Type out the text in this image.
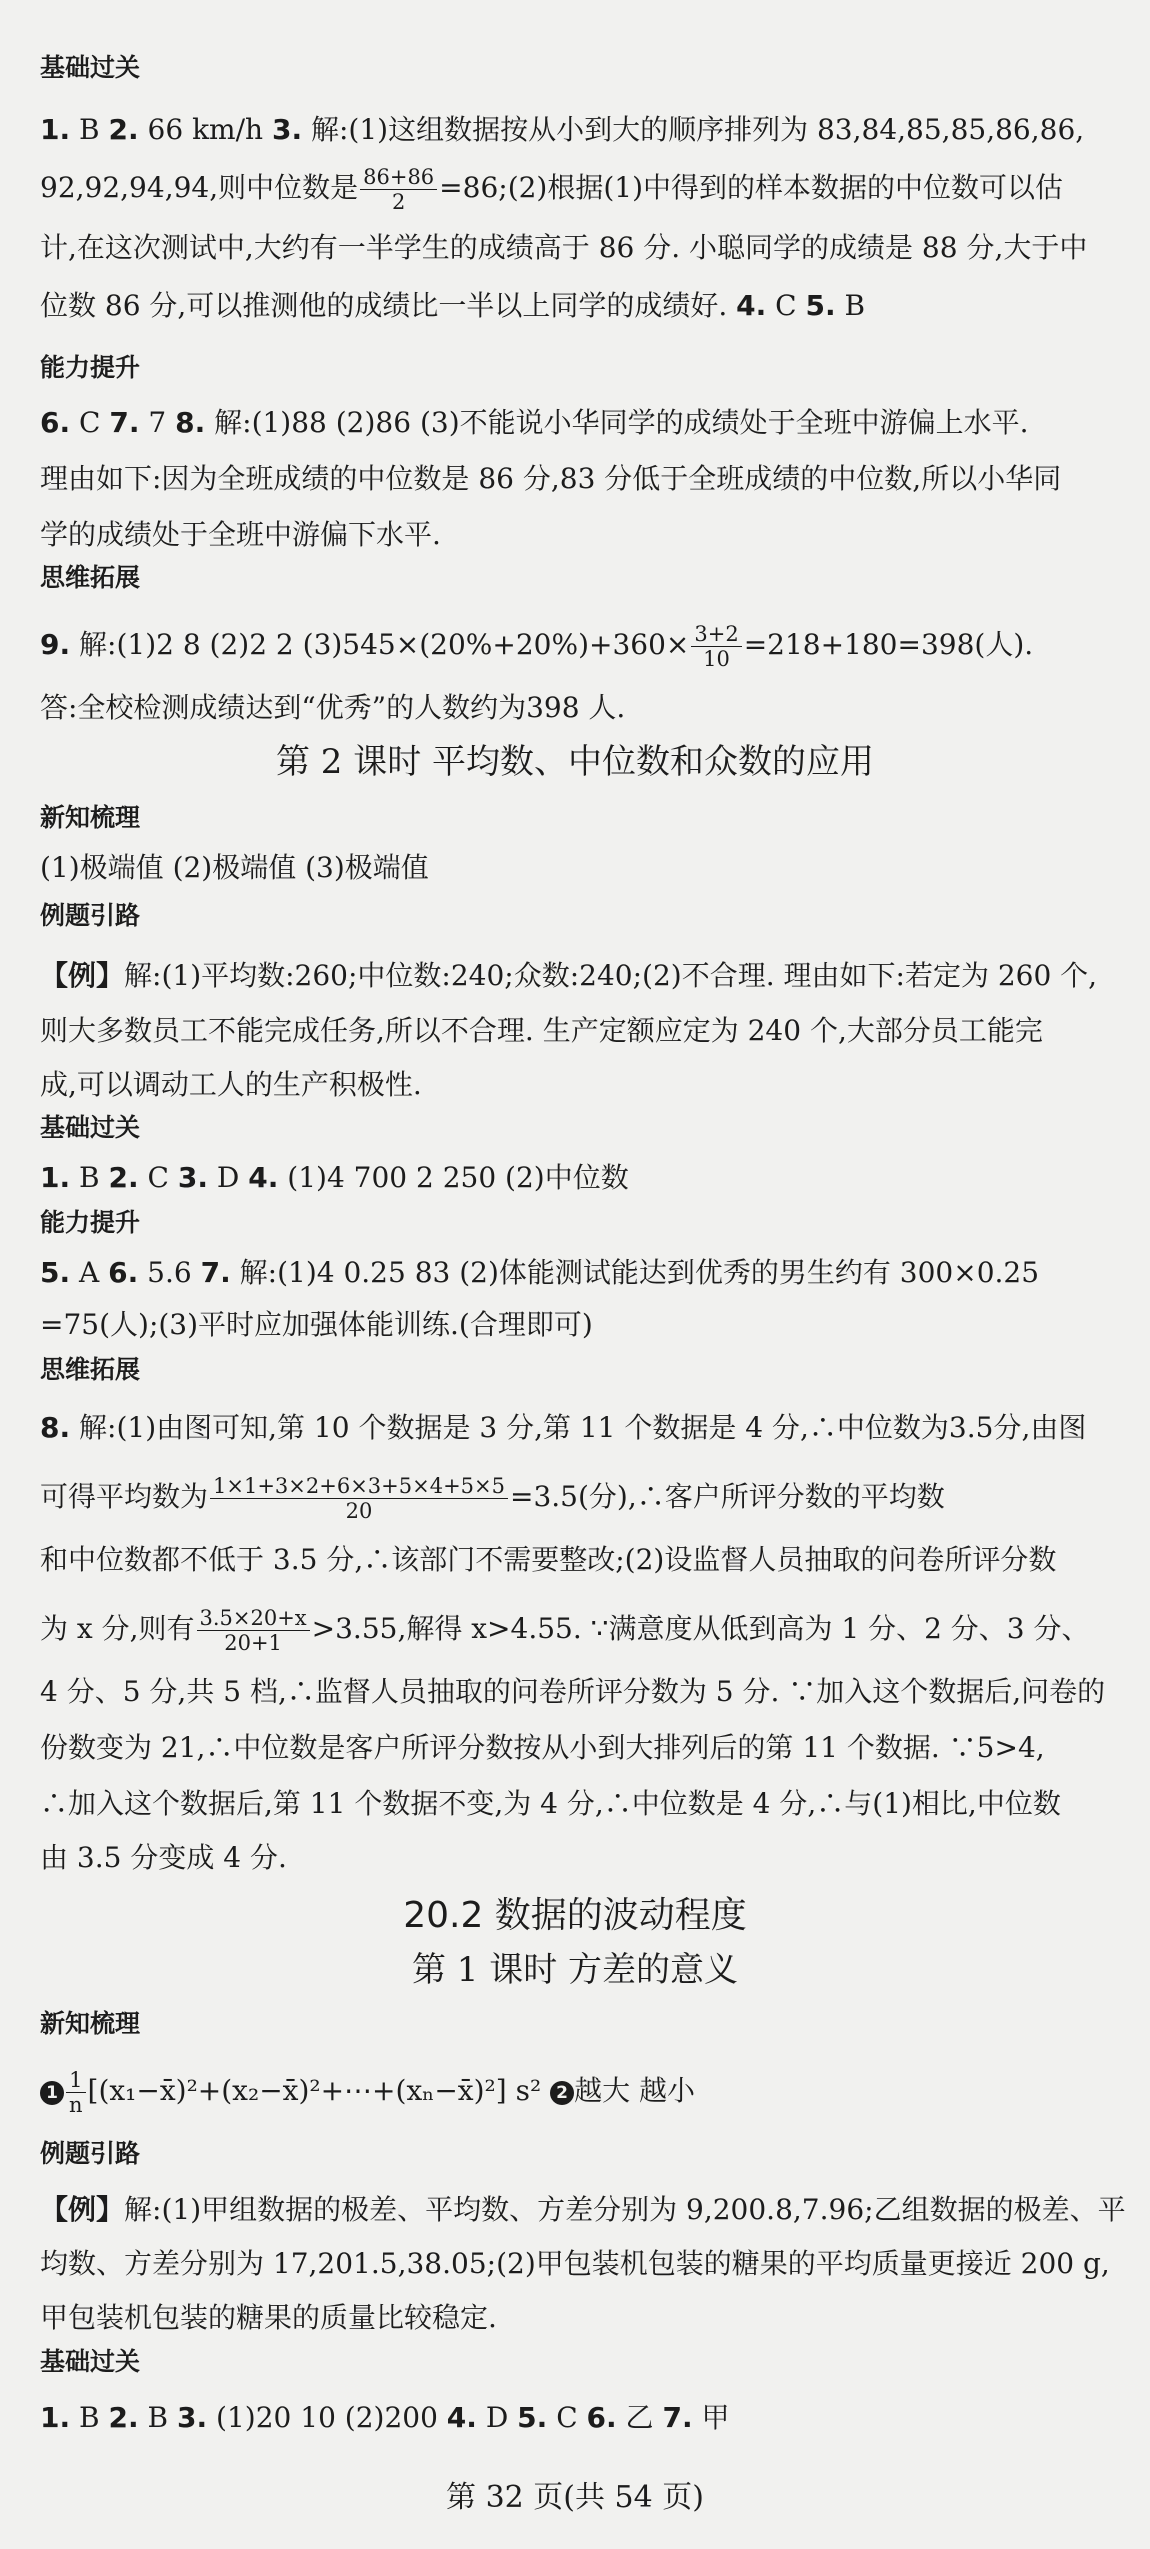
基础过关
1. B 2. 66 km/h 3. 解:(1)这组数据按从小到大的顺序排列为 83,84,85,85,86,86,
92,92,94,94,则中位数是 $\frac{86+86}{2}$ =86;(2)根据(1)中得到的样本数据的中位数可以估
计,在这次测试中,大约有一半学生的成绩高于 86 分. 小聪同学的成绩是 88 分,大于中
位数 86 分,可以推测他的成绩比一半以上同学的成绩好. 4. C 5. B
能力提升
6. C 7. 7 8. 解:(1)88 (2)86 (3)不能说小华同学的成绩处于全班中游偏上水平.
理由如下:因为全班成绩的中位数是 86 分,83 分低于全班成绩的中位数,所以小华同
学的成绩处于全班中游偏下水平.
思维拓展
9. 解:(1)2 8 (2)2 2 $(3)545\times(20\%+20\%)+360\times \frac{3+2}{10} =218+180=398$(人).
答:全校检测成绩达到“优秀”的人数约为398 人.
第 2 课时 平均数、中位数和众数的应用
新知梳理
(1)极端值 (2)极端值 (3)极端值
例题引路
【例】解:(1)平均数:260;中位数:240;众数:240;(2)不合理. 理由如下:若定为 260 个,
则大多数员工不能完成任务,所以不合理. 生产定额应定为 240 个,大部分员工能完
成,可以调动工人的生产积极性.
基础过关
1. B 2. C 3. D 4. (1)4 700 2 250 (2)中位数
能力提升
5. A 6. 5.6 7. 解:(1)4 0.25 83 (2)体能测试能达到优秀的男生约有 300×0.25
=75(人);(3)平时应加强体能训练.(合理即可)
思维拓展
8. 解:(1)由图可知,第 10 个数据是 3 分,第 11 个数据是 4 分,∴中位数为3.5分,由图
可得平均数为 $\frac{1\times 1+3\times 2+6\times 3+5\times 4+5\times 5}{20} =3.5$(分),∴客户所评分数的平均数
和中位数都不低于 3.5 分,∴该部门不需要整改;(2)设监督人员抽取的问卷所评分数
为 x 分,则有 $\frac{3.5\times 20+x}{20+1} >3.55$,解得 x>4.55. ∵满意度从低到高为 1 分、2 分、3 分、
4 分、5 分,共 5 档,∴监督人员抽取的问卷所评分数为 5 分. ∵加入这个数据后,问卷的
份数变为 21,∴中位数是客户所评分数按从小到大排列后的第 11 个数据. ∵5>4,
∴加入这个数据后,第 11 个数据不变,为 4 分,∴中位数是 4 分,∴与(1)相比,中位数
由 3.5 分变成 4 分.
20.2 数据的波动程度
第 1 课时 方差的意义
新知梳理
$1 \frac{1}{n}$ [(x₁−x̄)²+(x₂−x̄)²+⋯+(xₙ−x̄)²] s² 2 越大 越小
例题引路
【例】解:(1)甲组数据的极差、平均数、方差分别为 9,200.8,7.96;乙组数据的极差、平
均数、方差分别为 17,201.5,38.05;(2)甲包装机包装的糖果的平均质量更接近 200 g,
甲包装机包装的糖果的质量比较稳定.
基础过关
1. B 2. B 3. (1)20 10 (2)200 4. D 5. C 6. 乙 7. 甲
第 32 页(共 54 页)
